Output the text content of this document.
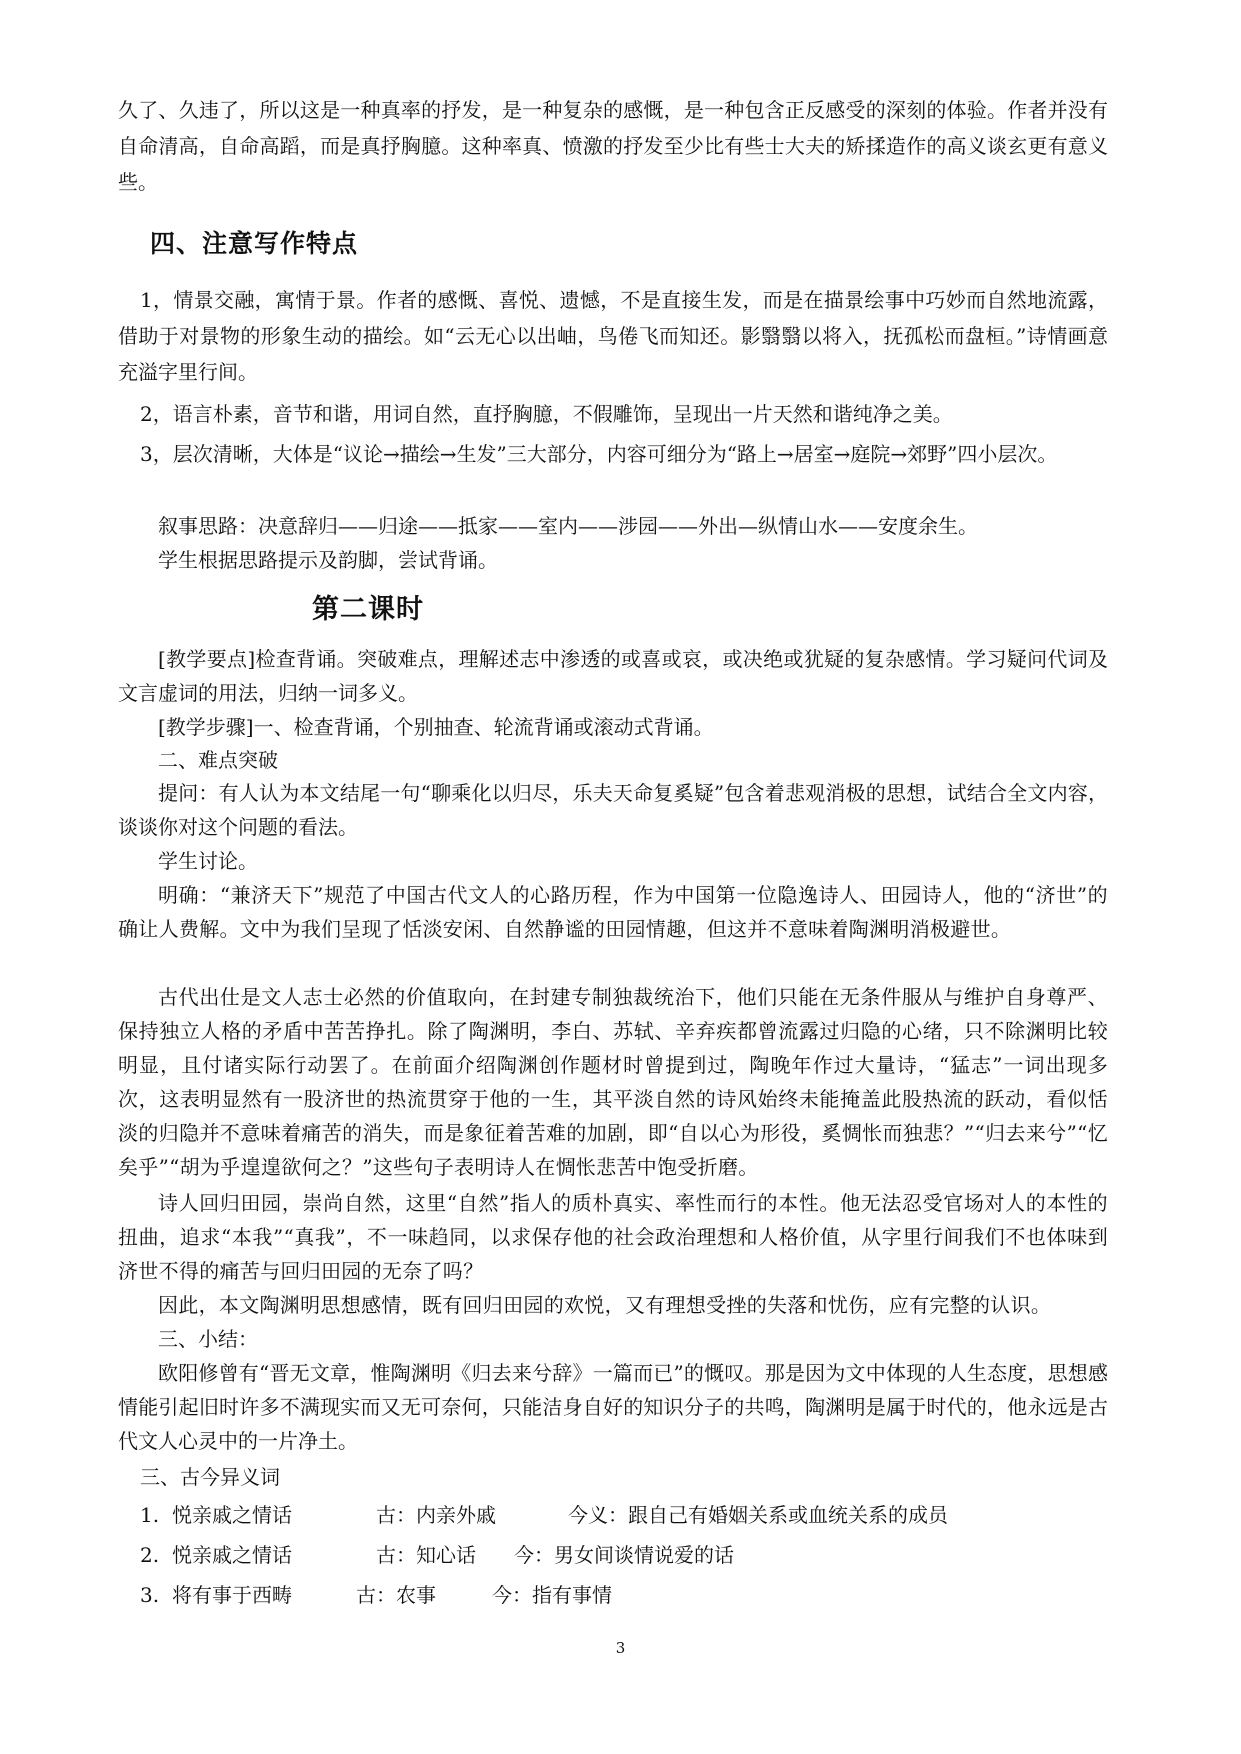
久了、久违了，所以这是一种真率的抒发，是一种复杂的感慨，是一种包含正反感受的深刻的体验。作者并没有自命清高，自命高蹈，而是真抒胸臆。这种率真、愤激的抒发至少比有些士大夫的矫揉造作的高义谈玄更有意义些。

四、注意写作特点

1，情景交融，寓情于景。作者的感慨、喜悦、遗憾，不是直接生发，而是在描景绘事中巧妙而自然地流露，借助于对景物的形象生动的描绘。如“云无心以出岫，鸟倦飞而知还。影翳翳以将入，抚孤松而盘桓。”诗情画意充溢字里行间。

2，语言朴素，音节和谐，用词自然，直抒胸臆，不假雕饰，呈现出一片天然和谐纯净之美。

3，层次清晰，大体是“议论→描绘→生发”三大部分，内容可细分为“路上→居室→庭院→郊野”四小层次。

叙事思路：决意辞归——归途——抵家——室内——涉园——外出—纵情山水——安度余生。

学生根据思路提示及韵脚，尝试背诵。

第二课时

[教学要点]检查背诵。突破难点，理解述志中渗透的或喜或哀，或决绝或犹疑的复杂感情。学习疑问代词及文言虚词的用法，归纳一词多义。

[教学步骤]一、检查背诵，个别抽查、轮流背诵或滚动式背诵。

二、难点突破

提问：有人认为本文结尾一句“聊乘化以归尽，乐夫天命复奚疑”包含着悲观消极的思想，试结合全文内容，谈谈你对这个问题的看法。

学生讨论。

明确：“兼济天下”规范了中国古代文人的心路历程，作为中国第一位隐逸诗人、田园诗人，他的“济世”的确让人费解。文中为我们呈现了恬淡安闲、自然静谧的田园情趣，但这并不意味着陶渊明消极避世。

古代出仕是文人志士必然的价值取向，在封建专制独裁统治下，他们只能在无条件服从与维护自身尊严、保持独立人格的矛盾中苦苦挣扎。除了陶渊明，李白、苏轼、辛弃疾都曾流露过归隐的心绪，只不除渊明比较明显，且付诸实际行动罢了。在前面介绍陶渊创作题材时曾提到过，陶晚年作过大量诗，“猛志”一词出现多次，这表明显然有一股济世的热流贯穿于他的一生，其平淡自然的诗风始终未能掩盖此股热流的跃动，看似恬淡的归隐并不意味着痛苦的消失，而是象征着苦难的加剧，即“自以心为形役，奚惆怅而独悲？”“归去来兮”“忆矣乎”“胡为乎遑遑欲何之？”这些句子表明诗人在惆怅悲苦中饱受折磨。

诗人回归田园，崇尚自然，这里“自然”指人的质朴真实、率性而行的本性。他无法忍受官场对人的本性的扭曲，追求“本我”“真我”，不一味趋同，以求保存他的社会政治理想和人格价值，从字里行间我们不也体味到济世不得的痛苦与回归田园的无奈了吗？

因此，本文陶渊明思想感情，既有回归田园的欢悦，又有理想受挫的失落和忧伤，应有完整的认识。

三、小结：

欧阳修曾有“晋无文章，惟陶渊明《归去来兮辞》一篇而已”的慨叹。那是因为文中体现的人生态度，思想感情能引起旧时许多不满现实而又无可奈何，只能洁身自好的知识分子的共鸣，陶渊明是属于时代的，他永远是古代文人心灵中的一片净土。

三、古今异义词
1. 悦亲戚之情话	古：内亲外戚	今义：跟自己有婚姻关系或血统关系的成员
2. 悦亲戚之情话	古：知心话 今：男女间谈情说爱的话
3. 将有事于西畴	古：农事	今：指有事情
3
